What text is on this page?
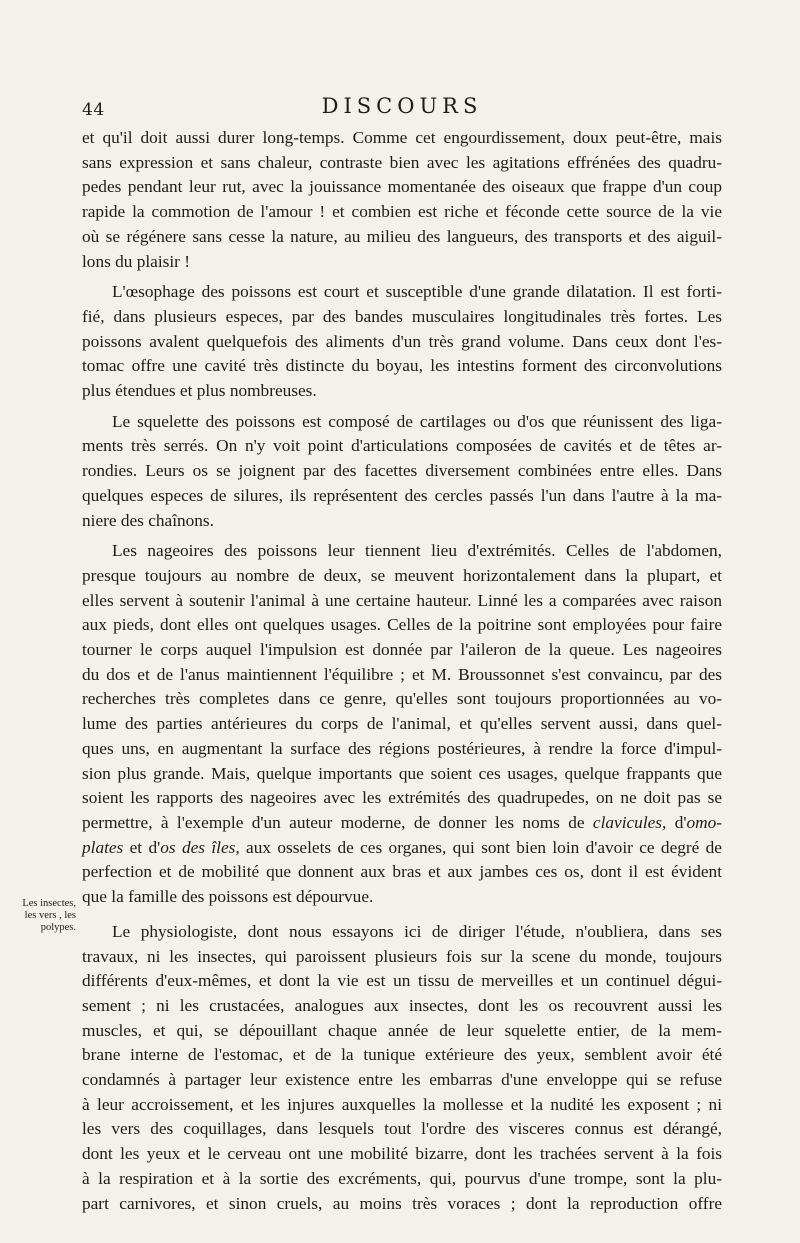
44	DISCOURS
Les insectes,
les vers , les
polypes.
et qu'il doit aussi durer long-temps. Comme cet engourdissement, doux peut-être, mais
sans expression et sans chaleur, contraste bien avec les agitations effrénées des quadru-
pedes pendant leur rut, avec la jouissance momentanée des oiseaux que frappe d'un coup
rapide la commotion de l'amour ! et combien est riche et féconde cette source de la vie
où se régénere sans cesse la nature, au milieu des langueurs, des transports et des aiguil-
lons du plaisir !
L'œsophage des poissons est court et susceptible d'une grande dilatation. Il est forti-
fié, dans plusieurs especes, par des bandes musculaires longitudinales très fortes. Les
poissons avalent quelquefois des aliments d'un très grand volume. Dans ceux dont l'es-
tomac offre une cavité très distincte du boyau, les intestins forment des circonvolutions
plus étendues et plus nombreuses.
Le squelette des poissons est composé de cartilages ou d'os que réunissent des liga-
ments très serrés. On n'y voit point d'articulations composées de cavités et de têtes ar-
rondies. Leurs os se joignent par des facettes diversement combinées entre elles. Dans
quelques especes de silures, ils représentent des cercles passés l'un dans l'autre à la ma-
niere des chaînons.
Les nageoires des poissons leur tiennent lieu d'extrémités. Celles de l'abdomen,
presque toujours au nombre de deux, se meuvent horizontalement dans la plupart, et
elles servent à soutenir l'animal à une certaine hauteur. Linné les a comparées avec raison
aux pieds, dont elles ont quelques usages. Celles de la poitrine sont employées pour faire
tourner le corps auquel l'impulsion est donnée par l'aileron de la queue. Les nageoires
du dos et de l'anus maintiennent l'équilibre ; et M. Broussonnet s'est convaincu, par des
recherches très completes dans ce genre, qu'elles sont toujours proportionnées au vo-
lume des parties antérieures du corps de l'animal, et qu'elles servent aussi, dans quel-
ques uns, en augmentant la surface des régions postérieures, à rendre la force d'impul-
sion plus grande. Mais, quelque importants que soient ces usages, quelque frappants que
soient les rapports des nageoires avec les extrémités des quadrupedes, on ne doit pas se
permettre, à l'exemple d'un auteur moderne, de donner les noms de clavicules, d'omo-
plates et d'os des îles, aux osselets de ces organes, qui sont bien loin d'avoir ce degré de
perfection et de mobilité que donnent aux bras et aux jambes ces os, dont il est évident
que la famille des poissons est dépourvue.
Le physiologiste, dont nous essayons ici de diriger l'étude, n'oubliera, dans ses
travaux, ni les insectes, qui paroissent plusieurs fois sur la scene du monde, toujours
différents d'eux-mêmes, et dont la vie est un tissu de merveilles et un continuel dégui-
sement ; ni les crustacées, analogues aux insectes, dont les os recouvrent aussi les
muscles, et qui, se dépouillant chaque année de leur squelette entier, de la mem-
brane interne de l'estomac, et de la tunique extérieure des yeux, semblent avoir été
condamnés à partager leur existence entre les embarras d'une enveloppe qui se refuse
à leur accroissement, et les injures auxquelles la mollesse et la nudité les exposent ; ni
les vers des coquillages, dans lesquels tout l'ordre des visceres connus est dérangé,
dont les yeux et le cerveau ont une mobilité bizarre, dont les trachées servent à la fois
à la respiration et à la sortie des excréments, qui, pourvus d'une trompe, sont la plu-
part carnivores, et sinon cruels, au moins très voraces ; dont la reproduction offre
